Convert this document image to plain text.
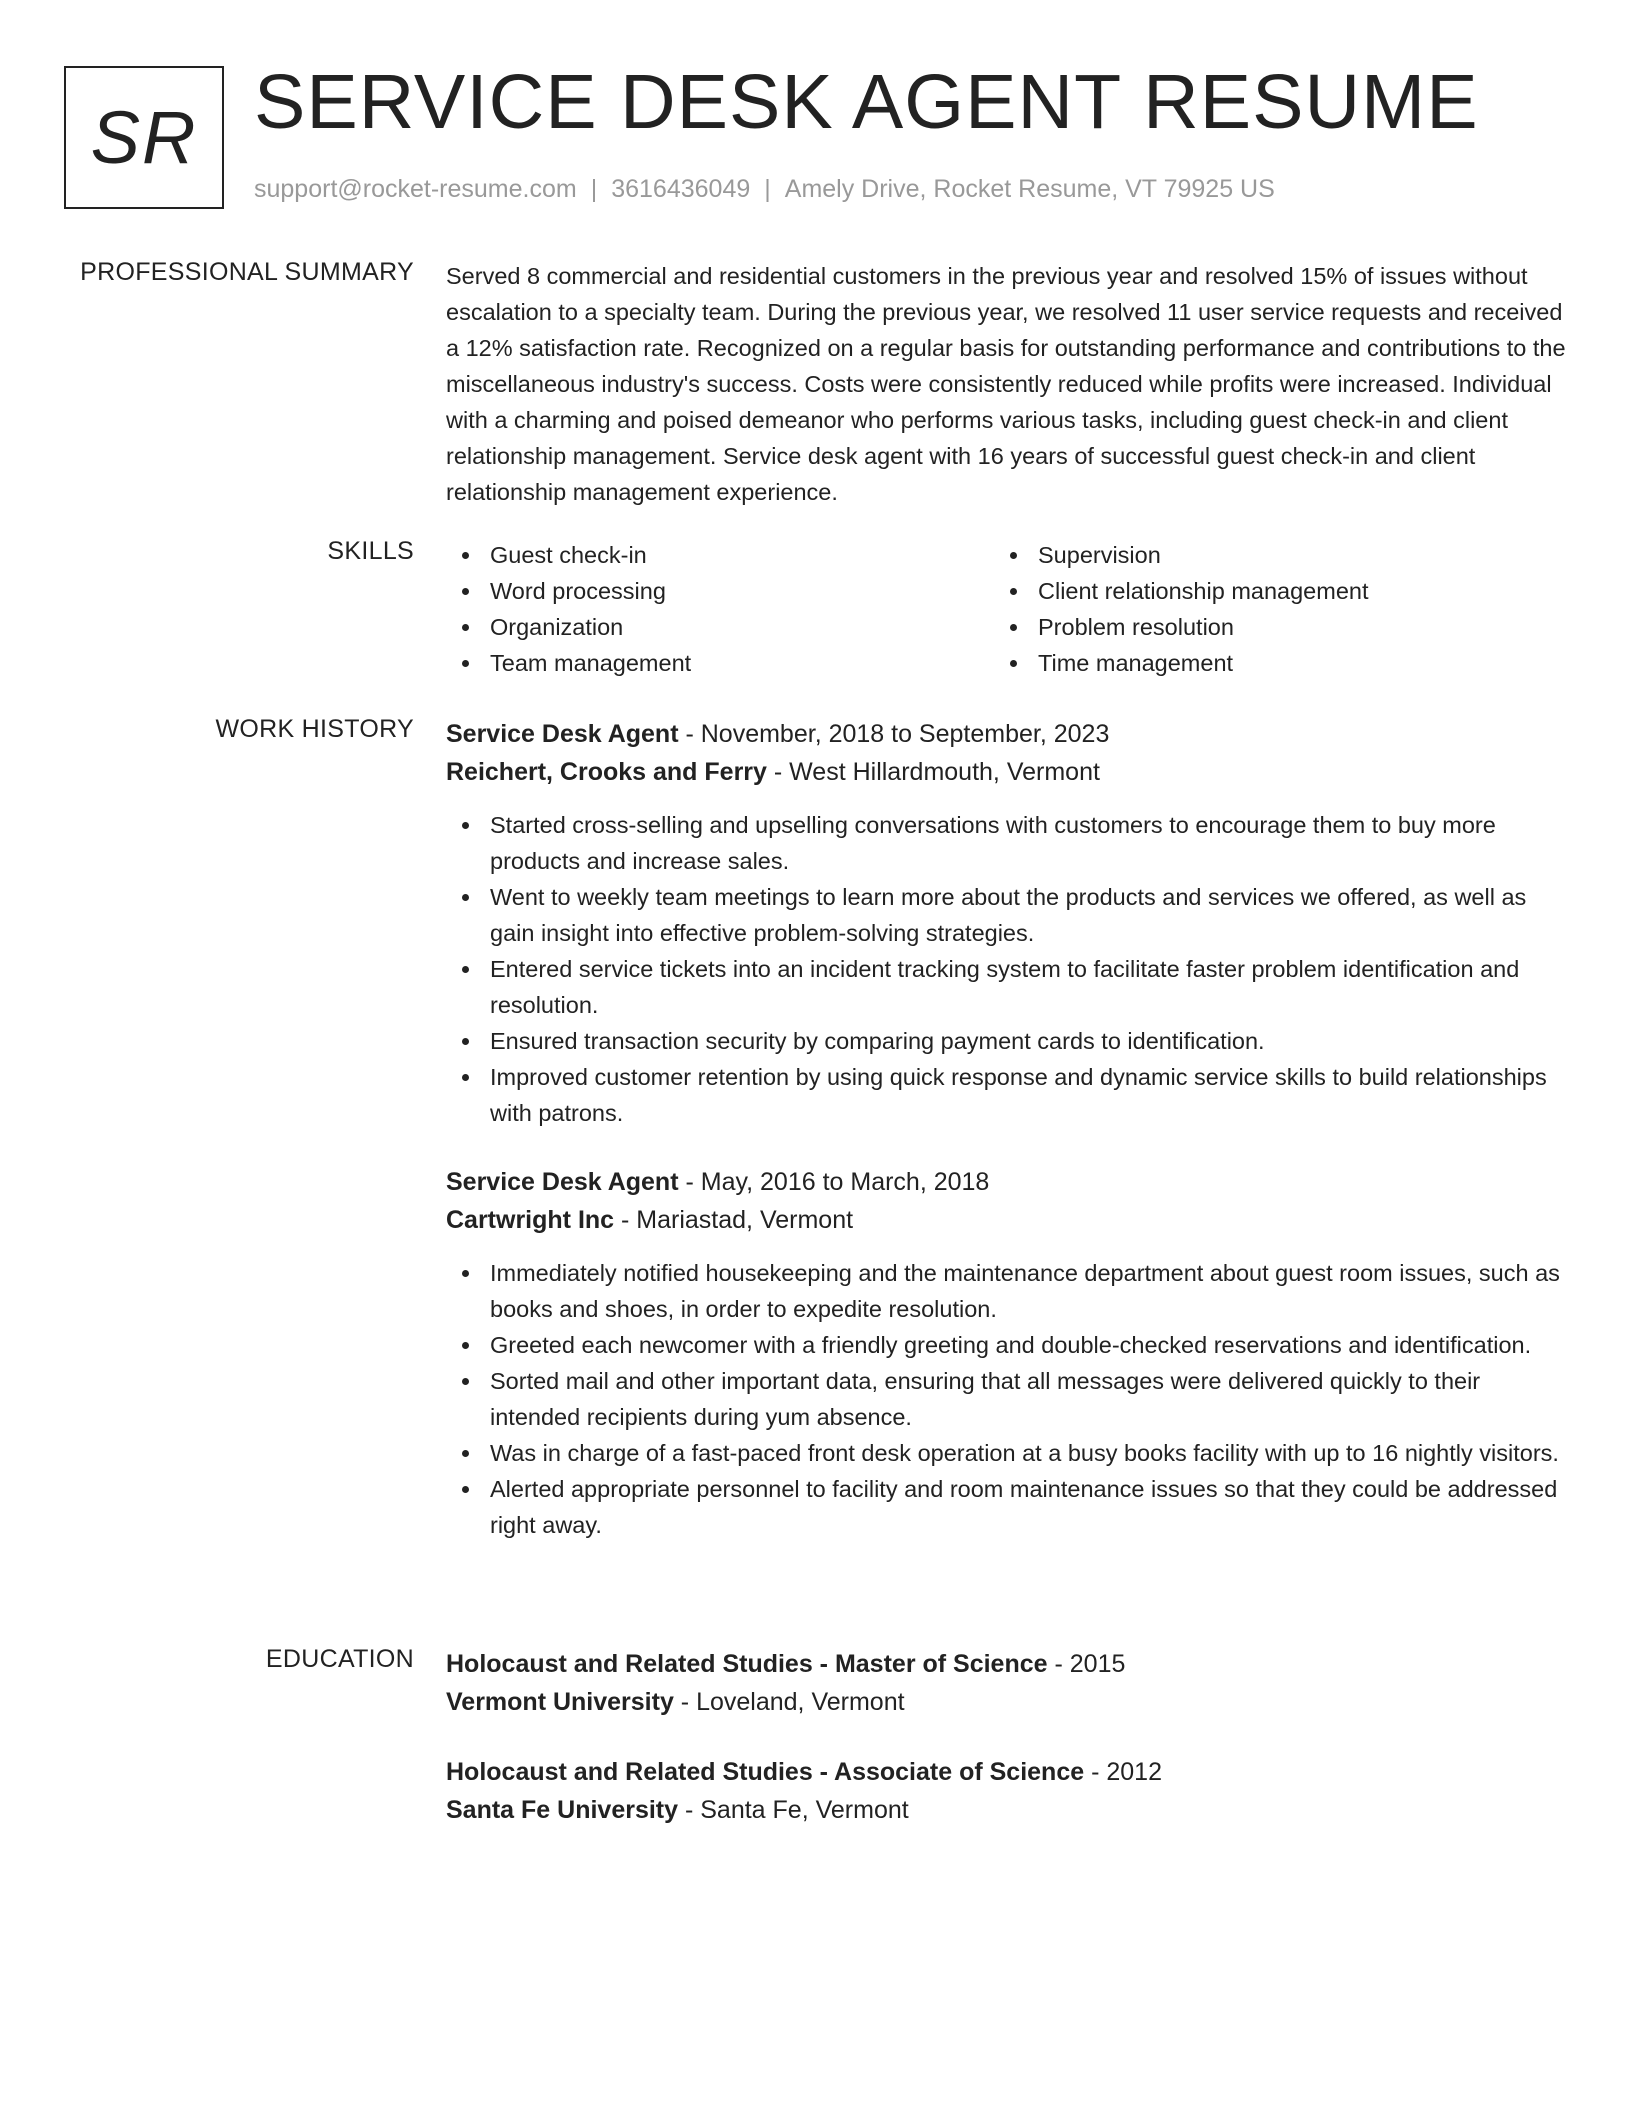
SR SERVICE DESK AGENT RESUME
support@rocket-resume.com | 3616436049 | Amely Drive, Rocket Resume, VT 79925 US
PROFESSIONAL SUMMARY Served 8 commercial and residential customers in the previous year and resolved 15% of issues without escalation to a specialty team. During the previous year, we resolved 11 user service requests and received a 12% satisfaction rate. Recognized on a regular basis for outstanding performance and contributions to the miscellaneous industry's success. Costs were consistently reduced while profits were increased. Individual with a charming and poised demeanor who performs various tasks, including guest check-in and client relationship management. Service desk agent with 16 years of successful guest check-in and client relationship management experience.

SKILLS	Guest check-in
Word processing
Organization
Team management
Supervision
Client relationship management
Problem resolution
Time management
WORK HISTORY Service Desk Agent - November, 2018 to September, 2023
Reichert, Crooks and Ferry - West Hillardmouth, Vermont
Started cross-selling and upselling conversations with customers to encourage them to buy more products and increase sales.
Went to weekly team meetings to learn more about the products and services we offered, as well as gain insight into effective problem-solving strategies.
Entered service tickets into an incident tracking system to facilitate faster problem identification and resolution.
Ensured transaction security by comparing payment cards to identification.
Improved customer retention by using quick response and dynamic service skills to build relationships with patrons.
Service Desk Agent - May, 2016 to March, 2018
Cartwright Inc - Mariastad, Vermont
Immediately notified housekeeping and the maintenance department about guest room issues, such as books and shoes, in order to expedite resolution.
Greeted each newcomer with a friendly greeting and double-checked reservations and identification.
Sorted mail and other important data, ensuring that all messages were delivered quickly to their intended recipients during yum absence.
Was in charge of a fast-paced front desk operation at a busy books facility with up to 16 nightly visitors.
Alerted appropriate personnel to facility and room maintenance issues so that they could be addressed right away.
EDUCATION Holocaust and Related Studies - Master of Science - 2015
Vermont University - Loveland, Vermont
Holocaust and Related Studies - Associate of Science - 2012
Santa Fe University - Santa Fe, Vermont
